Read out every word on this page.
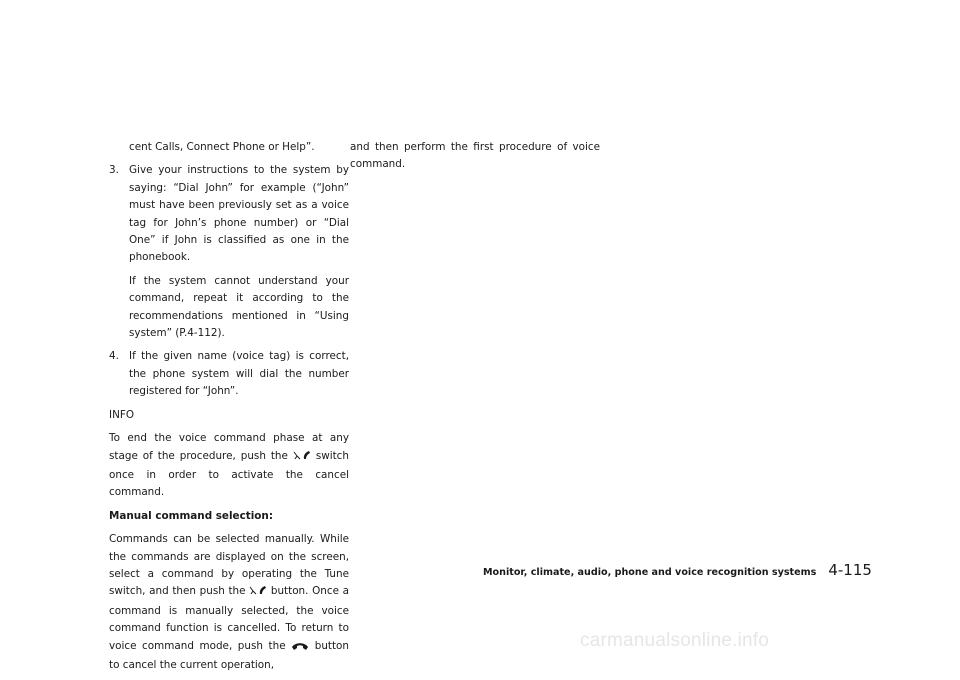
cent Calls, Connect Phone or Help”.

3. Give your instructions to the system by saying: “Dial John” for example (“John” must have been previously set as a voice tag for John’s phone number) or “Dial One” if John is classified as one in the phonebook.

If the system cannot understand your command, repeat it according to the recommendations mentioned in “Using system” (P.4-112).

4. If the given name (voice tag) is correct, the phone system will dial the number registered for “John”.

INFO

To end the voice command phase at any stage of the procedure, push the	switch once in order to activate the cancel command.

Manual command selection:

Commands can be selected manually. While the commands are displayed on the screen, select a command by operating the Tune switch, and then push the button. Once a command is manually selected, the voice command function is cancelled. To return to voice command mode, push the	button to cancel the current operation,

and then perform the first procedure of voice command.

Monitor, climate, audio, phone and voice recognition systems 4-115
carmanualsonline.info
